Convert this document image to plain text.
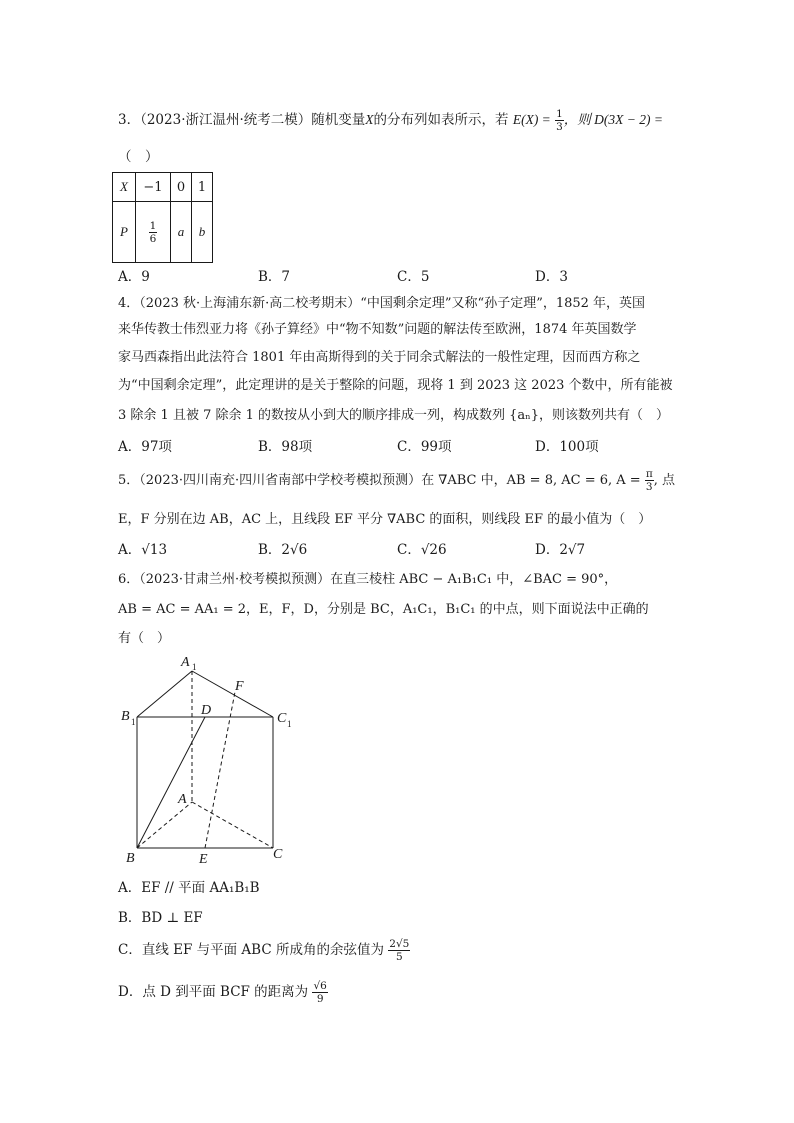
3．（2023·浙江温州·统考二模）随机变量X的分布列如表所示，若 $E(X) = \frac{1}{3}$ ，则 D(3X − 2) =
（　）
X	−1	0	1
P	$\frac{1}{6}$	a	b
A．9	B．7	C．5	D．3
4．（2023 秋·上海浦东新·高二校考期末）“中国剩余定理”又称“孙子定理”，1852 年，英国
来华传教士伟烈亚力将《孙子算经》中“物不知数”问题的解法传至欧洲，1874 年英国数学
家马西森指出此法符合 1801 年由高斯得到的关于同余式解法的一般性定理，因而西方称之
为“中国剩余定理”，此定理讲的是关于整除的问题，现将 1 到 2023 这 2023 个数中，所有能被
3 除余 1 且被 7 除余 1 的数按从小到大的顺序排成一列，构成数列 {aₙ}，则该数列共有（　）
A．97项	B．98项	C．99项	D．100项
5．（2023·四川南充·四川省南部中学校考模拟预测）在 ∇ABC 中，AB = 8, AC = 6, $A = \frac{\pi}{3}$ , 点
E，F 分别在边 AB，AC 上，且线段 EF 平分 ∇ABC 的面积，则线段 EF 的最小值为（　）
A．√13	B．2√6	C．√26	D．2√7
6．（2023·甘肃兰州·校考模拟预测）在直三棱柱 ABC − A₁B₁C₁ 中，∠BAC = 90°，
AB = AC = AA₁ = 2，E，F，D，分别是 BC，A₁C₁，B₁C₁ 的中点，则下面说法中正确的
有（　）
A 1
F
B 1
D
C 1
A
B	E	C
A．EF // 平面 AA₁B₁B
B．BD ⊥ EF
C．直线 EF 与平面 ABC 所成角的余弦值为 $\frac{2√5}{5}$
D．点 D 到平面 BCF 的距离为 $\frac{√6}{9}$
